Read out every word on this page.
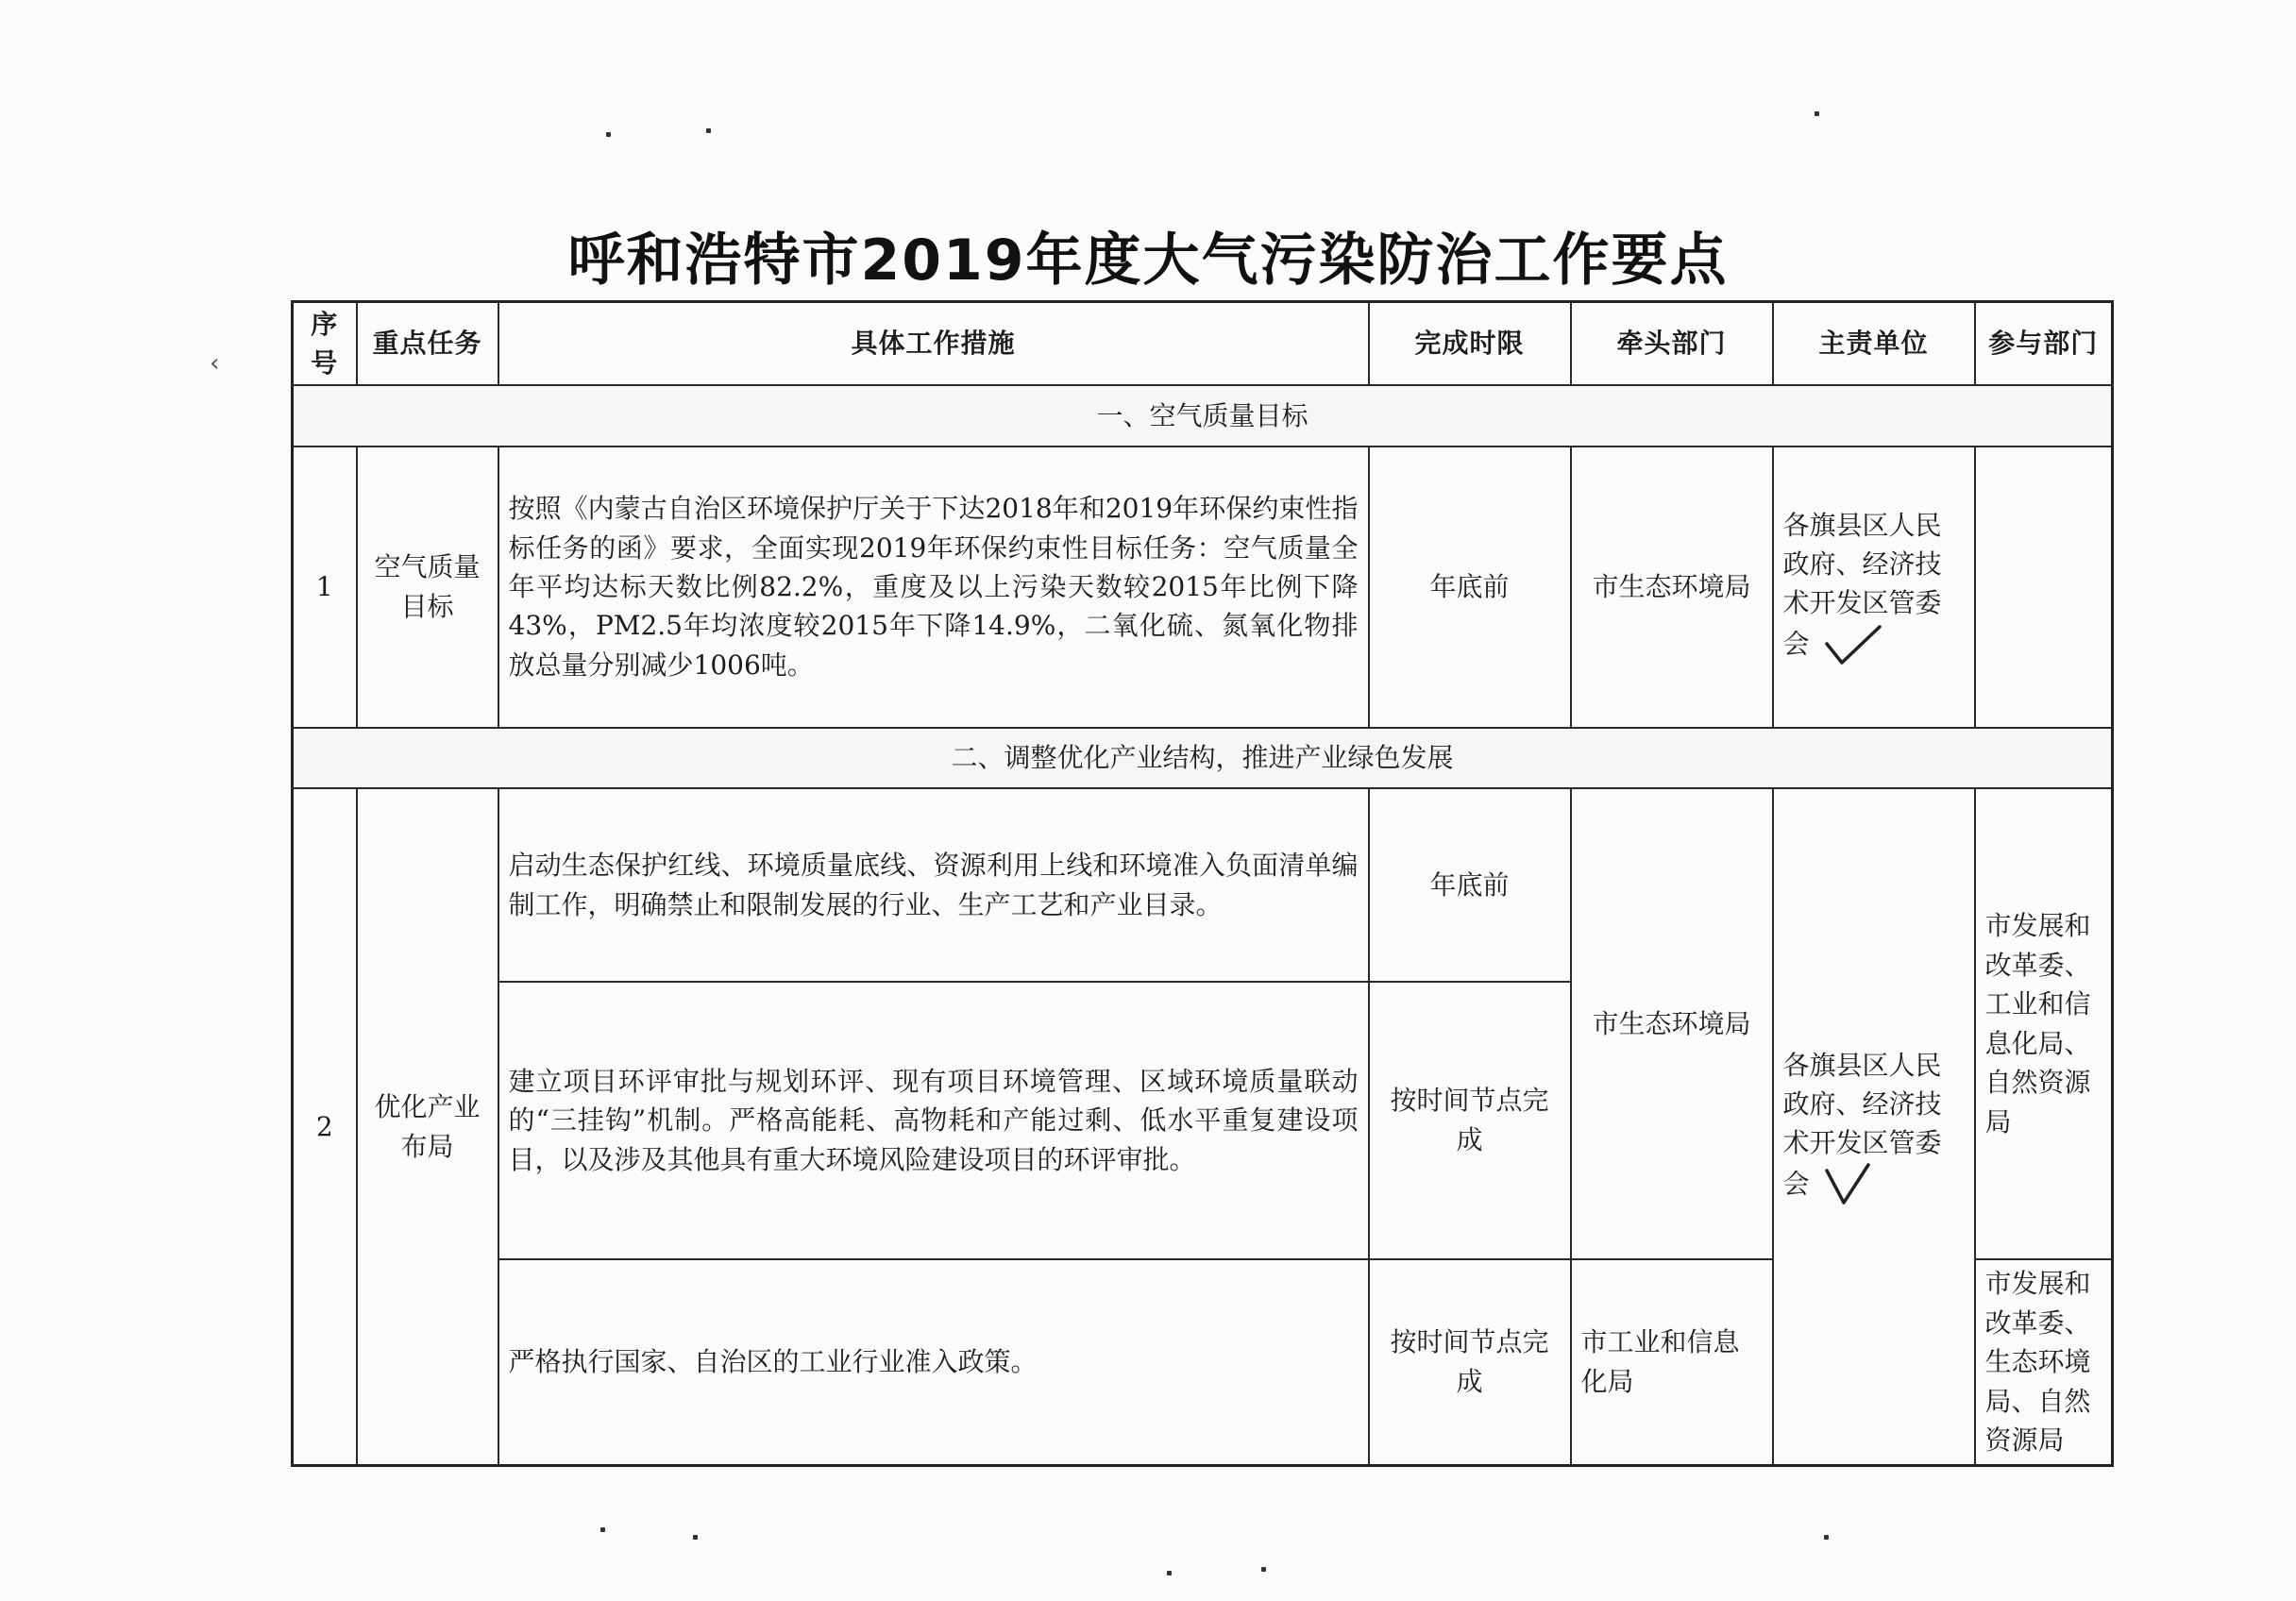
‹
呼和浩特市2019年度大气污染防治工作要点
序号	重点任务	具体工作措施	完成时限	牵头部门	主责单位	参与部门
一、空气质量目标						
1	空气质量目标	按照《内蒙古自治区环境保护厅关于下达2018年和2019年环保约束性指标任务的函》要求，全面实现2019年环保约束性目标任务：空气质量全年平均达标天数比例82.2%，重度及以上污染天数较2015年比例下降43%，PM2.5年均浓度较2015年下降14.9%，二氧化硫、氮氧化物排放总量分别减少1006吨。	年底前	市生态环境局	各旗县区人民政府、经济技术开发区管委会	
二、调整优化产业结构，推进产业绿色发展						
2	优化产业布局	启动生态保护红线、环境质量底线、资源利用上线和环境准入负面清单编制工作，明确禁止和限制发展的行业、生产工艺和产业目录。	年底前	市生态环境局	各旗县区人民政府、经济技术开发区管委会	市发展和改革委、工业和信息化局、自然资源局
		建立项目环评审批与规划环评、现有项目环境管理、区域环境质量联动的“三挂钩”机制。严格高能耗、高物耗和产能过剩、低水平重复建设项目，以及涉及其他具有重大环境风险建设项目的环评审批。	按时间节点完成			
		严格执行国家、自治区的工业行业准入政策。	按时间节点完成	市工业和信息化局		市发展和改革委、生态环境局、自然资源局
